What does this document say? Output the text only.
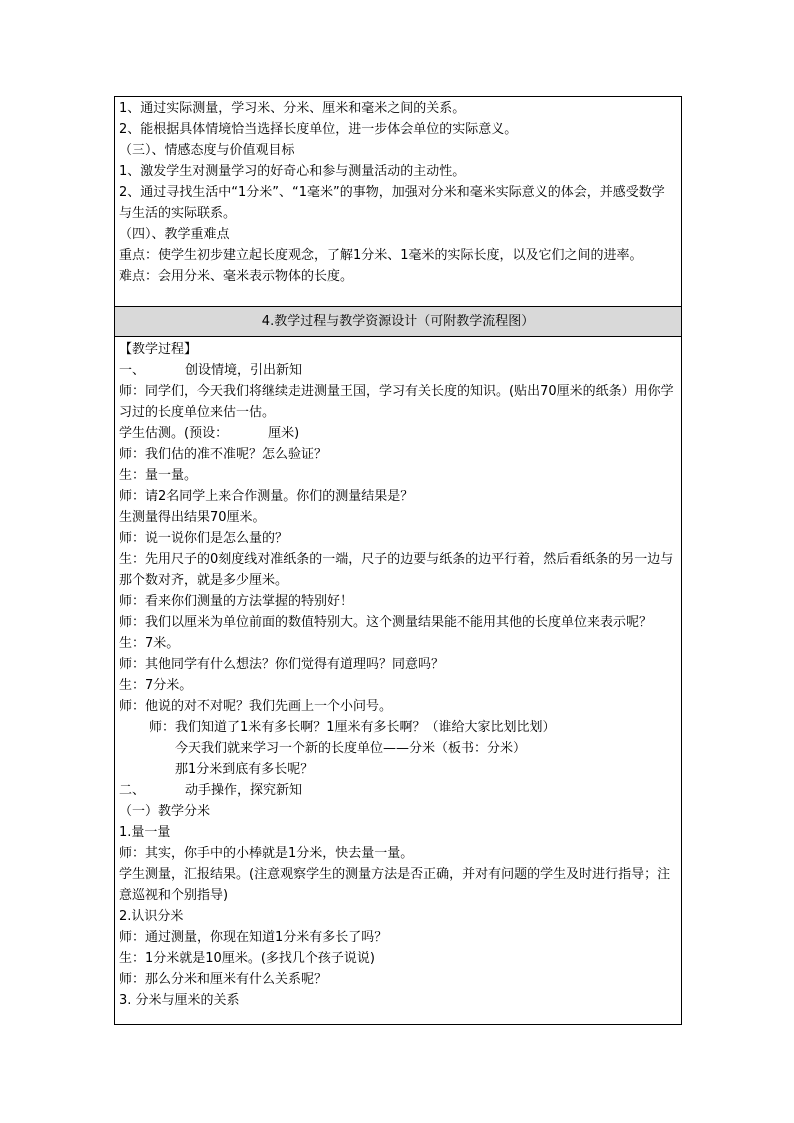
1、通过实际测量，学习米、分米、厘米和毫米之间的关系。
2、能根据具体情境恰当选择长度单位，进一步体会单位的实际意义。
（三）、情感态度与价值观目标
1、激发学生对测量学习的好奇心和参与测量活动的主动性。
2、通过寻找生活中“1分米”、“1毫米”的事物，加强对分米和毫米实际意义的体会，并感受数学与生活的实际联系。
（四）、教学重难点
重点：使学生初步建立起长度观念，了解1分米、1毫米的实际长度，以及它们之间的进率。
难点：会用分米、毫米表示物体的长度。
4.教学过程与教学资源设计（可附教学流程图）
【教学过程】
一、	创设情境，引出新知
师：同学们，今天我们将继续走进测量王国，学习有关长度的知识。(贴出70厘米的纸条）用你学习过的长度单位来估一估。
学生估测。(预设：	厘米)
师：我们估的准不准呢？怎么验证？
生：量一量。
师：请2名同学上来合作测量。你们的测量结果是？
生测量得出结果70厘米。
师：说一说你们是怎么量的？
生：先用尺子的0刻度线对准纸条的一端，尺子的边要与纸条的边平行着，然后看纸条的另一边与那个数对齐，就是多少厘米。
师：看来你们测量的方法掌握的特别好！
师：我们以厘米为单位前面的数值特别大。这个测量结果能不能用其他的长度单位来表示呢？
生：7米。
师：其他同学有什么想法？你们觉得有道理吗？同意吗？
生：7分米。
师：他说的对不对呢？我们先画上一个小问号。
师：我们知道了1米有多长啊？1厘米有多长啊？（谁给大家比划比划）
今天我们就来学习一个新的长度单位——分米（板书：分米）
那1分米到底有多长呢？
二、	动手操作，探究新知
（一）教学分米
1.量一量
师：其实，你手中的小棒就是1分米，快去量一量。
学生测量，汇报结果。(注意观察学生的测量方法是否正确，并对有问题的学生及时进行指导；注意巡视和个别指导)
2.认识分米
师：通过测量，你现在知道1分米有多长了吗？
生：1分米就是10厘米。(多找几个孩子说说)
师：那么分米和厘米有什么关系呢？
3. 分米与厘米的关系
